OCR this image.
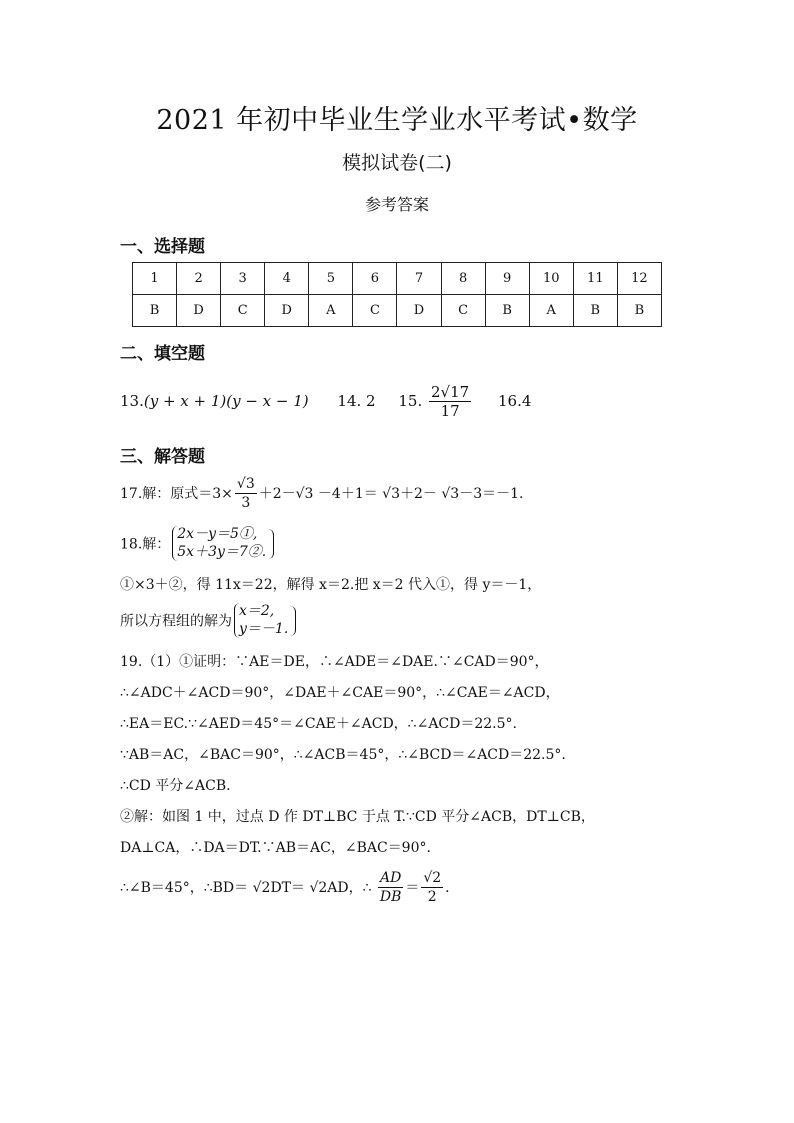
2021 年初中毕业生学业水平考试•数学
模拟试卷(二)
参考答案
一、选择题
1	2	3	4	5	6	7	8	9	10	11	12
B	D	C	D	A	C	D	C	B	A	B	B
二、填空题
13.(y + x + 1)(y − x − 1) 14. 2 15. $\frac{2√17}{17} 16.4$
三、解答题
17.解：原式$=3\times \frac{√3}{3} +2-√3 -4+1= √3+2- √3-3=-1$.
18.解：
2x－y＝5①,
5x＋3y＝7②.
①×3＋②，得 11x＝22，解得 x＝2.把 x＝2 代入①，得 y＝－1，
所以方程组的解为
x＝2,
y＝－1.
19.（1）①证明：∵AE＝DE，∴∠ADE＝∠DAE.∵∠CAD＝90°，
∴∠ADC＋∠ACD＝90°，∠DAE＋∠CAE＝90°，∴∠CAE＝∠ACD，
∴EA＝EC.∵∠AED＝45°＝∠CAE＋∠ACD，∴∠ACD＝22.5°.
∵AB＝AC，∠BAC＝90°，∴∠ACB＝45°，∴∠BCD＝∠ACD＝22.5°.
∴CD 平分∠ACB.
②解：如图 1 中，过点 D 作 DT⊥BC 于点 T.∵CD 平分∠ACB，DT⊥CB，
DA⊥CA，∴DA＝DT.∵AB＝AC，∠BAC＝90°.
∴∠B＝45°，∴BD＝ √2DT＝ √2AD，∴ $\frac{AD}{DB} = \frac{√2}{2}$ .
